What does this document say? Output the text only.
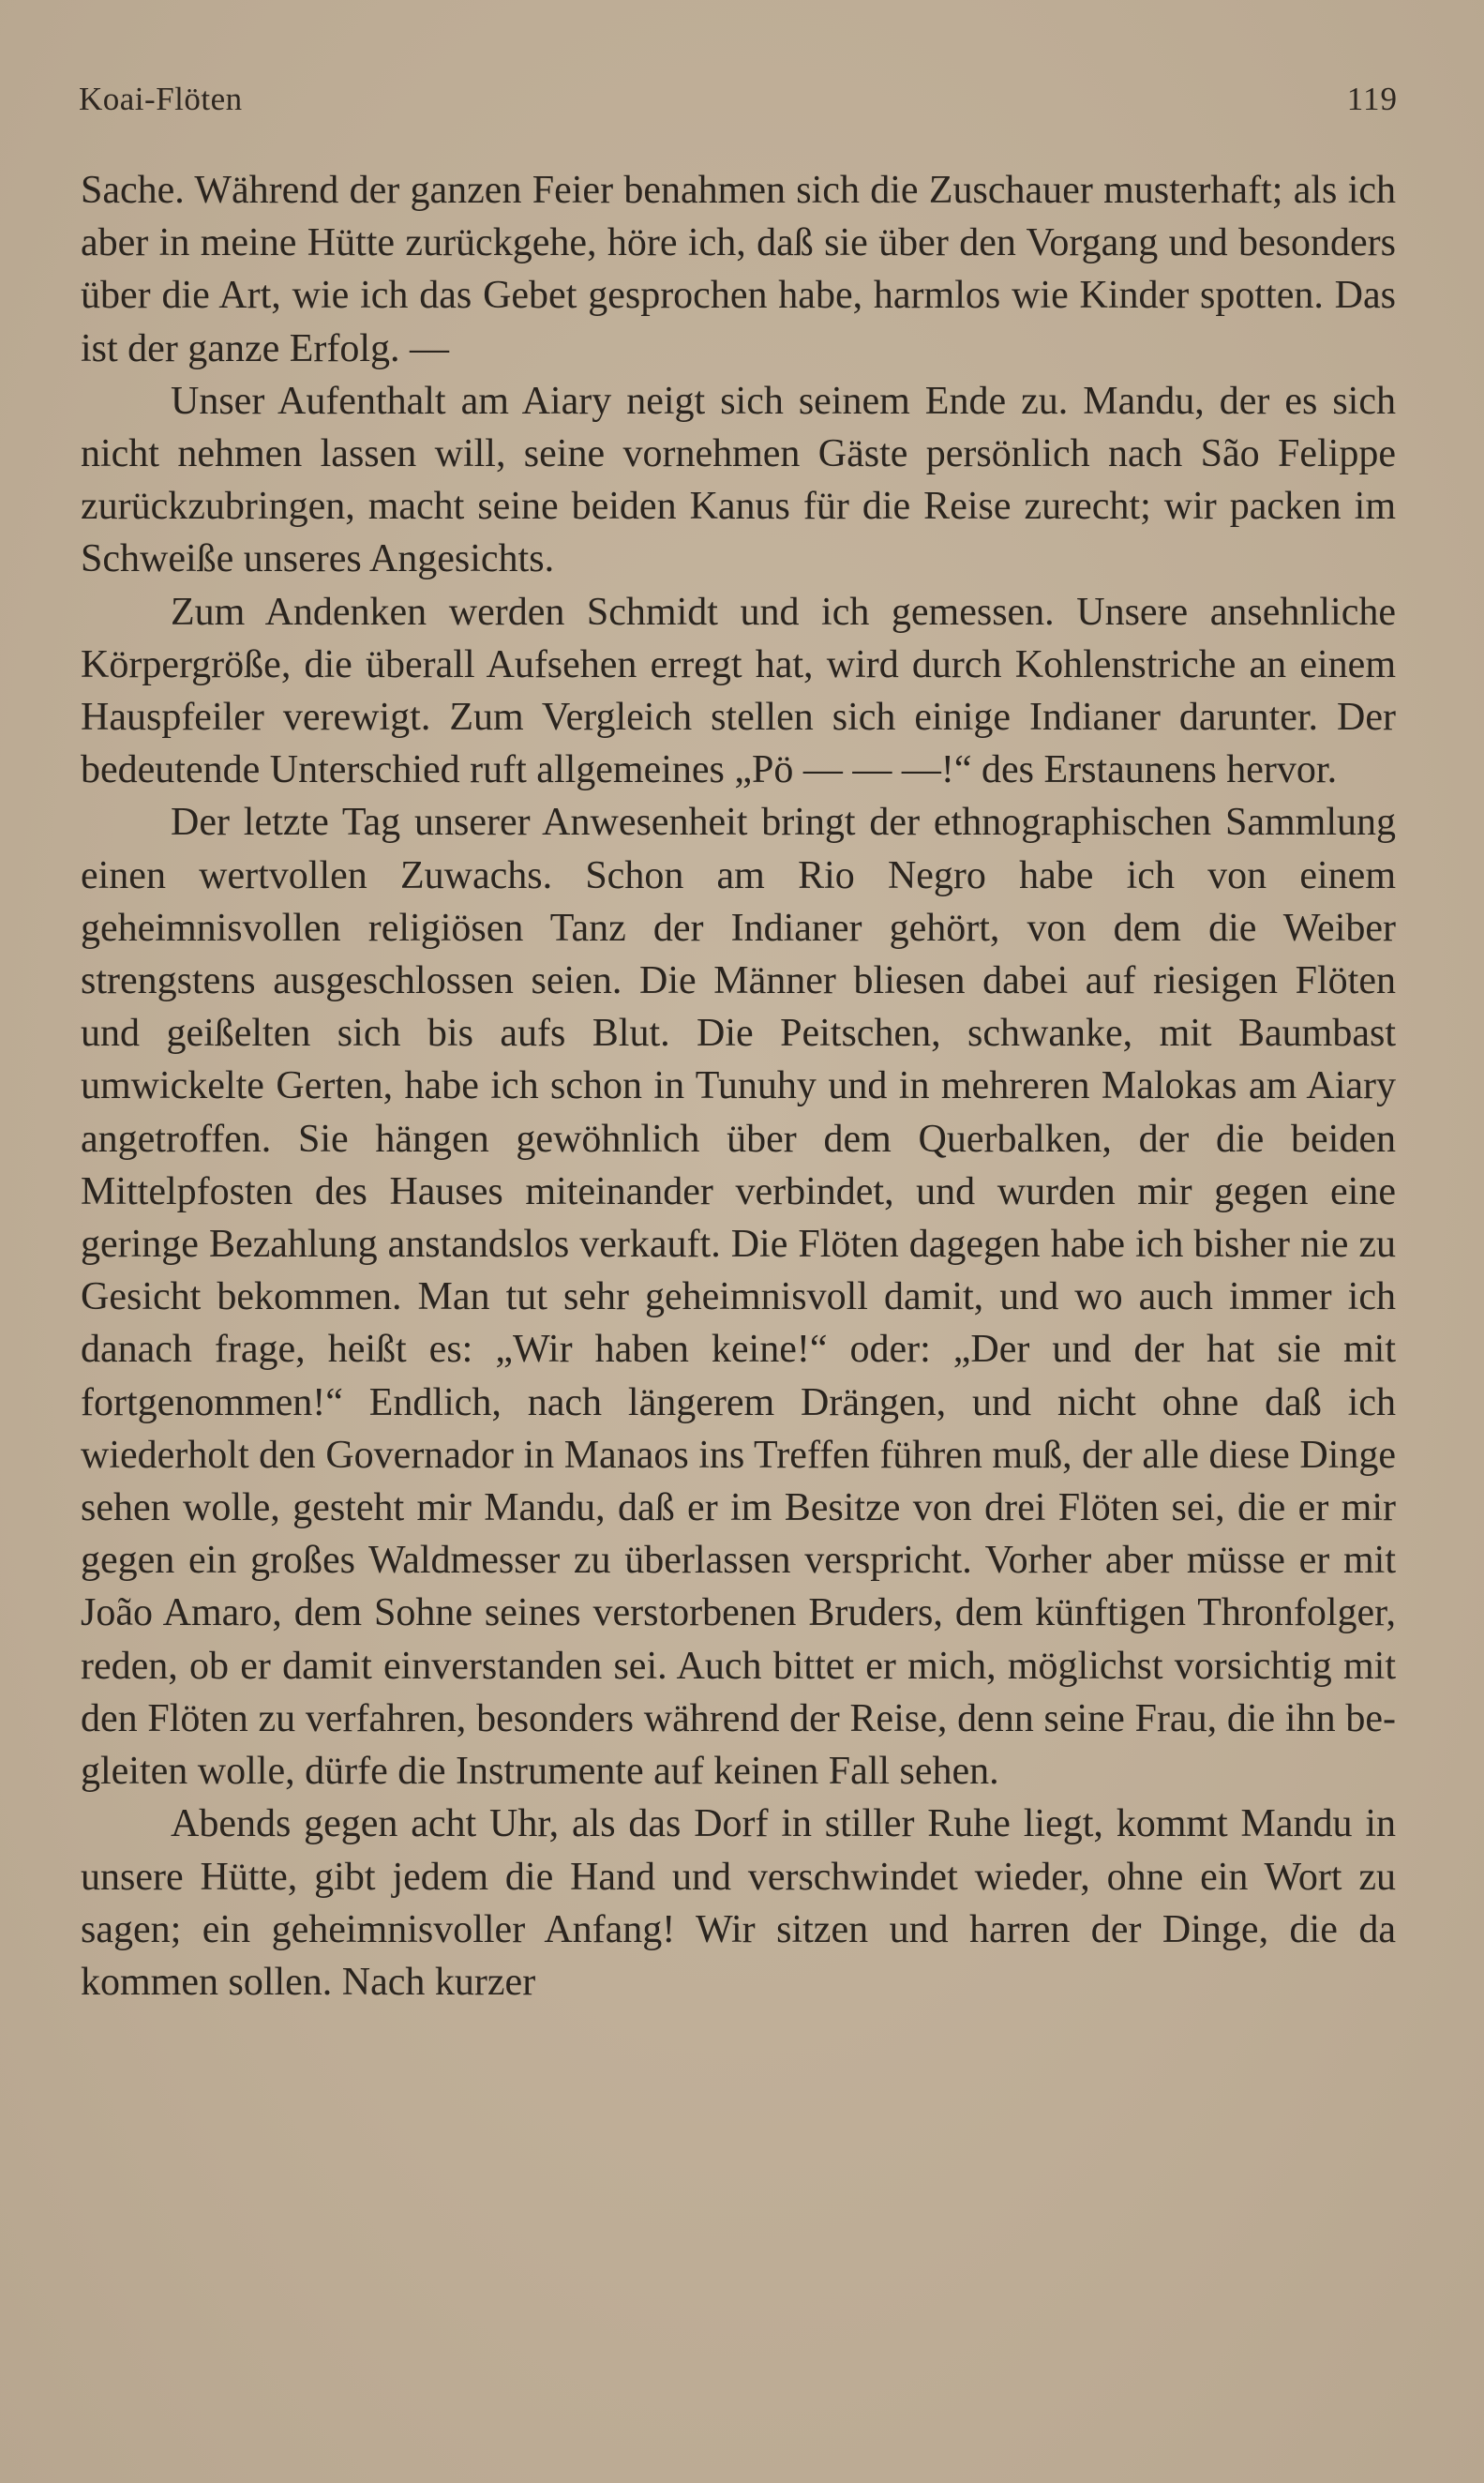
Koai-Flöten	119

Sache. Während der ganzen Feier benahmen sich die Zuschauer musterhaft; als ich aber in meine Hütte zurückgehe, höre ich, daß sie über den Vorgang und besonders über die Art, wie ich das Gebet gesprochen habe, harmlos wie Kinder spotten. Das ist der ganze Erfolg. —

Unser Aufenthalt am Aiary neigt sich seinem Ende zu. Mandu, der es sich nicht nehmen lassen will, seine vornehmen Gäste persönlich nach São Felippe zurückzubringen, macht seine beiden Kanus für die Reise zurecht; wir packen im Schweiße unseres Angesichts.

Zum Andenken werden Schmidt und ich gemessen. Unsere ansehnliche Körpergröße, die überall Aufsehen erregt hat, wird durch Kohlenstriche an einem Hauspfeiler verewigt. Zum Vergleich stellen sich einige Indianer darunter. Der bedeutende Unterschied ruft allgemeines „Pö — — —!“ des Erstaunens hervor.

Der letzte Tag unserer Anwesenheit bringt der ethnographischen Sammlung einen wertvollen Zuwachs. Schon am Rio Negro habe ich von einem geheimnisvollen religiösen Tanz der Indianer gehört, von dem die Weiber strengstens ausgeschlossen seien. Die Männer bliesen dabei auf riesigen Flöten und geißelten sich bis aufs Blut. Die Peitschen, schwanke, mit Baumbast umwickelte Gerten, habe ich schon in Tunuhy und in mehreren Malokas am Aiary angetroffen. Sie hängen gewöhnlich über dem Querbalken, der die beiden Mittelpfosten des Hauses miteinander verbindet, und wurden mir gegen eine geringe Bezahlung anstandslos verkauft. Die Flöten dagegen habe ich bisher nie zu Gesicht bekommen. Man tut sehr geheimnisvoll damit, und wo auch immer ich danach frage, heißt es: „Wir haben keine!“ oder: „Der und der hat sie mit fortgenommen!“ Endlich, nach längerem Drängen, und nicht ohne daß ich wiederholt den Governador in Manaos ins Treffen führen muß, der alle diese Dinge sehen wolle, gesteht mir Mandu, daß er im Besitze von drei Flöten sei, die er mir gegen ein großes Waldmesser zu überlassen verspricht. Vorher aber müsse er mit João Amaro, dem Sohne seines verstorbenen Bruders, dem künftigen Thronfolger, reden, ob er damit einverstanden sei. Auch bittet er mich, möglichst vorsichtig mit den Flöten zu verfahren, besonders während der Reise, denn seine Frau, die ihn begleiten wolle, dürfe die Instrumente auf keinen Fall sehen.

Abends gegen acht Uhr, als das Dorf in stiller Ruhe liegt, kommt Mandu in unsere Hütte, gibt jedem die Hand und verschwindet wieder, ohne ein Wort zu sagen; ein geheimnisvoller Anfang! Wir sitzen und harren der Dinge, die da kommen sollen. Nach kurzer
